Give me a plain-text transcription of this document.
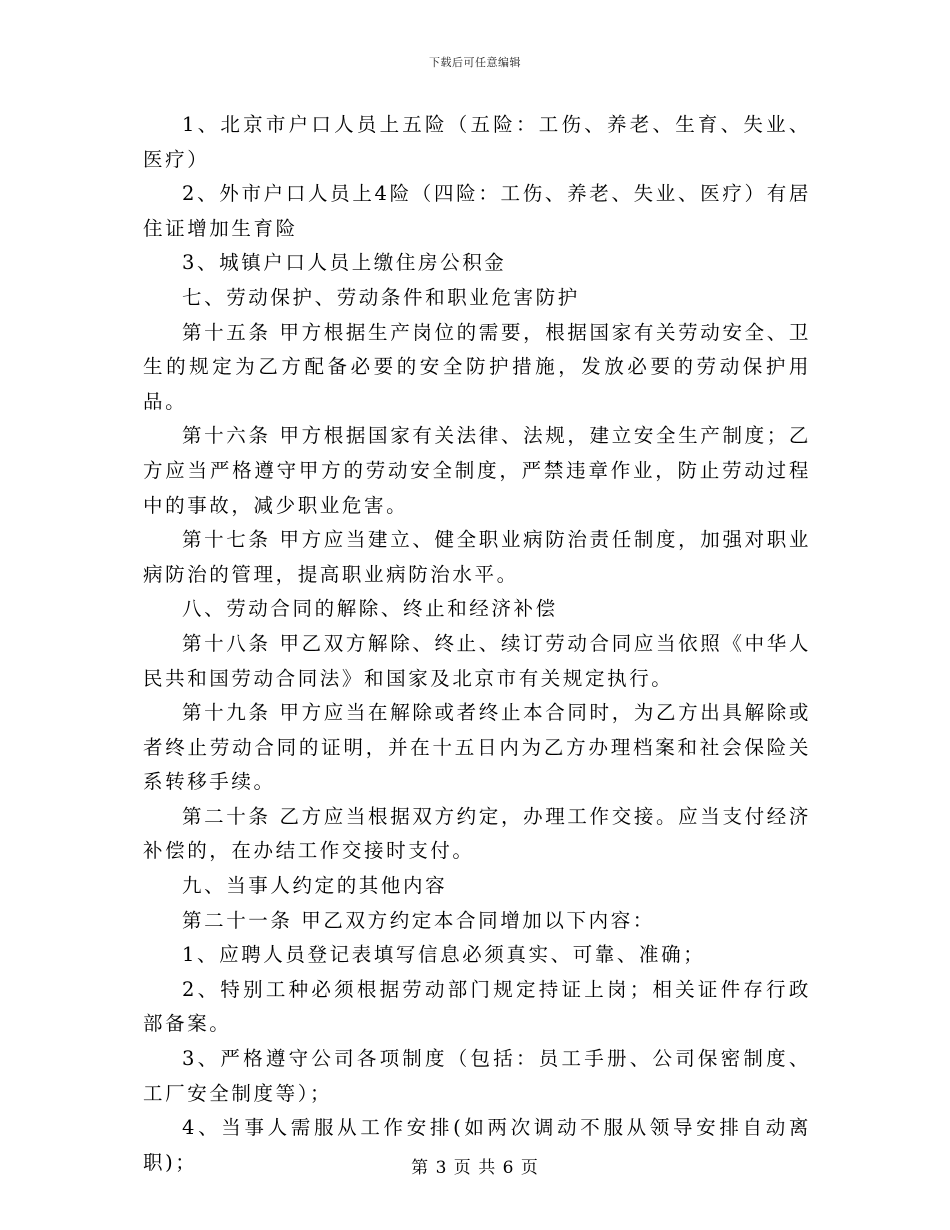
下载后可任意编辑

1、北京市户口人员上五险（五险：工伤、养老、生育、失业、医疗）

2、外市户口人员上4险（四险：工伤、养老、失业、医疗）有居住证增加生育险

3、城镇户口人员上缴住房公积金

七、劳动保护、劳动条件和职业危害防护

第十五条 甲方根据生产岗位的需要，根据国家有关劳动安全、卫生的规定为乙方配备必要的安全防护措施，发放必要的劳动保护用品。

第十六条 甲方根据国家有关法律、法规，建立安全生产制度；乙方应当严格遵守甲方的劳动安全制度，严禁违章作业，防止劳动过程中的事故，减少职业危害。

第十七条 甲方应当建立、健全职业病防治责任制度，加强对职业病防治的管理，提高职业病防治水平。

八、劳动合同的解除、终止和经济补偿

第十八条 甲乙双方解除、终止、续订劳动合同应当依照《中华人民共和国劳动合同法》和国家及北京市有关规定执行。

第十九条 甲方应当在解除或者终止本合同时，为乙方出具解除或者终止劳动合同的证明，并在十五日内为乙方办理档案和社会保险关系转移手续。

第二十条 乙方应当根据双方约定，办理工作交接。应当支付经济补偿的，在办结工作交接时支付。

九、当事人约定的其他内容

第二十一条 甲乙双方约定本合同增加以下内容：

1、应聘人员登记表填写信息必须真实、可靠、准确；

2、特别工种必须根据劳动部门规定持证上岗；相关证件存行政部备案。

3、严格遵守公司各项制度（包括：员工手册、公司保密制度、工厂安全制度等）；

4、当事人需服从工作安排(如两次调动不服从领导安排自动离职)；	第 3 页 共 6 页
